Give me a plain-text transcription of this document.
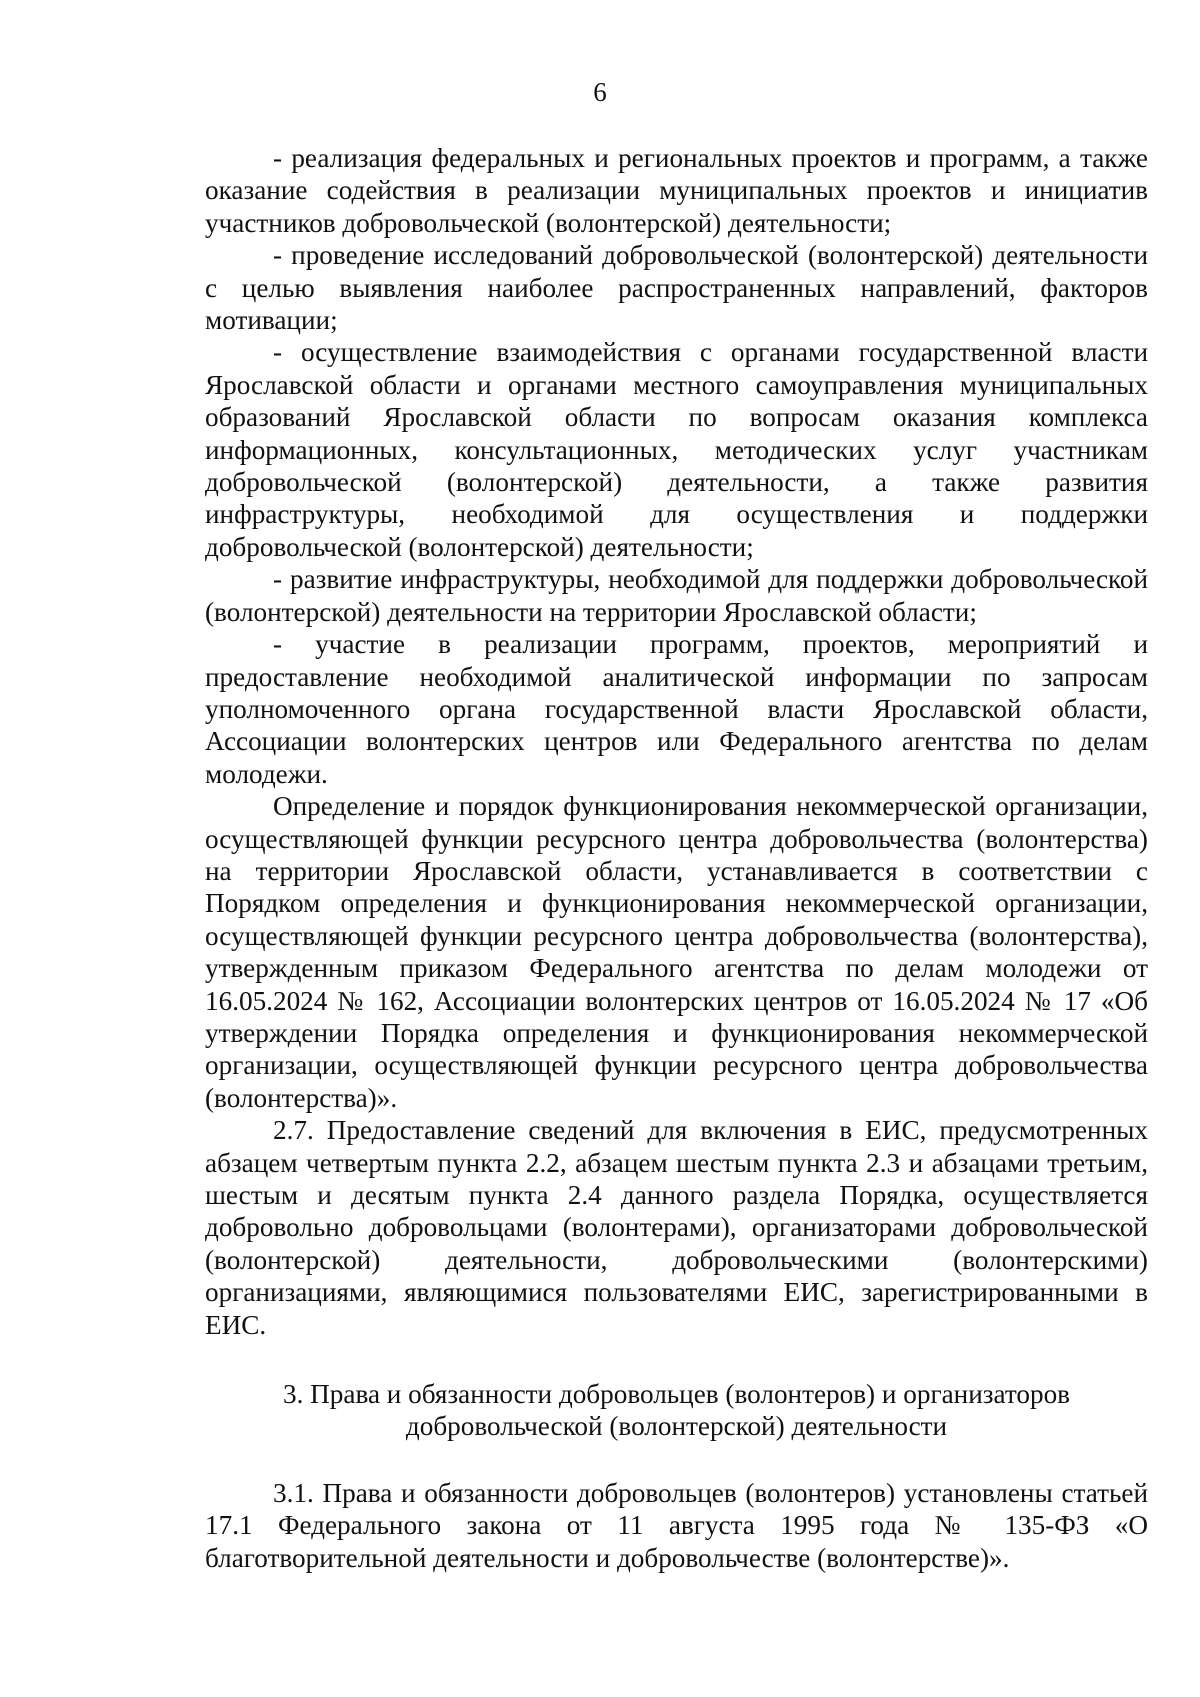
6

- реализация федеральных и региональных проектов и программ, а также оказание содействия в реализации муниципальных проектов и инициатив участников добровольческой (волонтерской) деятельности;

- проведение исследований добровольческой (волонтерской) деятельности с целью выявления наиболее распространенных направлений, факторов мотивации;

- осуществление взаимодействия с органами государственной власти Ярославской области и органами местного самоуправления муниципальных образований Ярославской области по вопросам оказания комплекса информационных, консультационных, методических услуг участникам добровольческой (волонтерской) деятельности, а также развития инфраструктуры, необходимой для осуществления и поддержки добровольческой (волонтерской) деятельности;

- развитие инфраструктуры, необходимой для поддержки добровольческой (волонтерской) деятельности на территории Ярославской области;

- участие в реализации программ, проектов, мероприятий и предоставление необходимой аналитической информации по запросам уполномоченного органа государственной власти Ярославской области, Ассоциации волонтерских центров или Федерального агентства по делам молодежи.

Определение и порядок функционирования некоммерческой организации, осуществляющей функции ресурсного центра добровольчества (волонтерства) на территории Ярославской области, устанавливается в соответствии с Порядком определения и функционирования некоммерческой организации, осуществляющей функции ресурсного центра добровольчества (волонтерства), утвержденным приказом Федерального агентства по делам молодежи от 16.05.2024 № 162, Ассоциации волонтерских центров от 16.05.2024 № 17 «Об утверждении Порядка определения и функционирования некоммерческой организации, осуществляющей функции ресурсного центра добровольчества (волонтерства)».

2.7. Предоставление сведений для включения в ЕИС, предусмотренных абзацем четвертым пункта 2.2, абзацем шестым пункта 2.3 и абзацами третьим, шестым и десятым пункта 2.4 данного раздела Порядка, осуществляется добровольно добровольцами (волонтерами), организаторами добровольческой (волонтерской) деятельности, добровольческими (волонтерскими) организациями, являющимися пользователями ЕИС, зарегистрированными в ЕИС.

3. Права и обязанности добровольцев (волонтеров) и организаторов
добровольческой (волонтерской) деятельности

3.1. Права и обязанности добровольцев (волонтеров) установлены статьей 17.1 Федерального закона от 11 августа 1995 года № 135-ФЗ «О благотворительной деятельности и добровольчестве (волонтерстве)».
